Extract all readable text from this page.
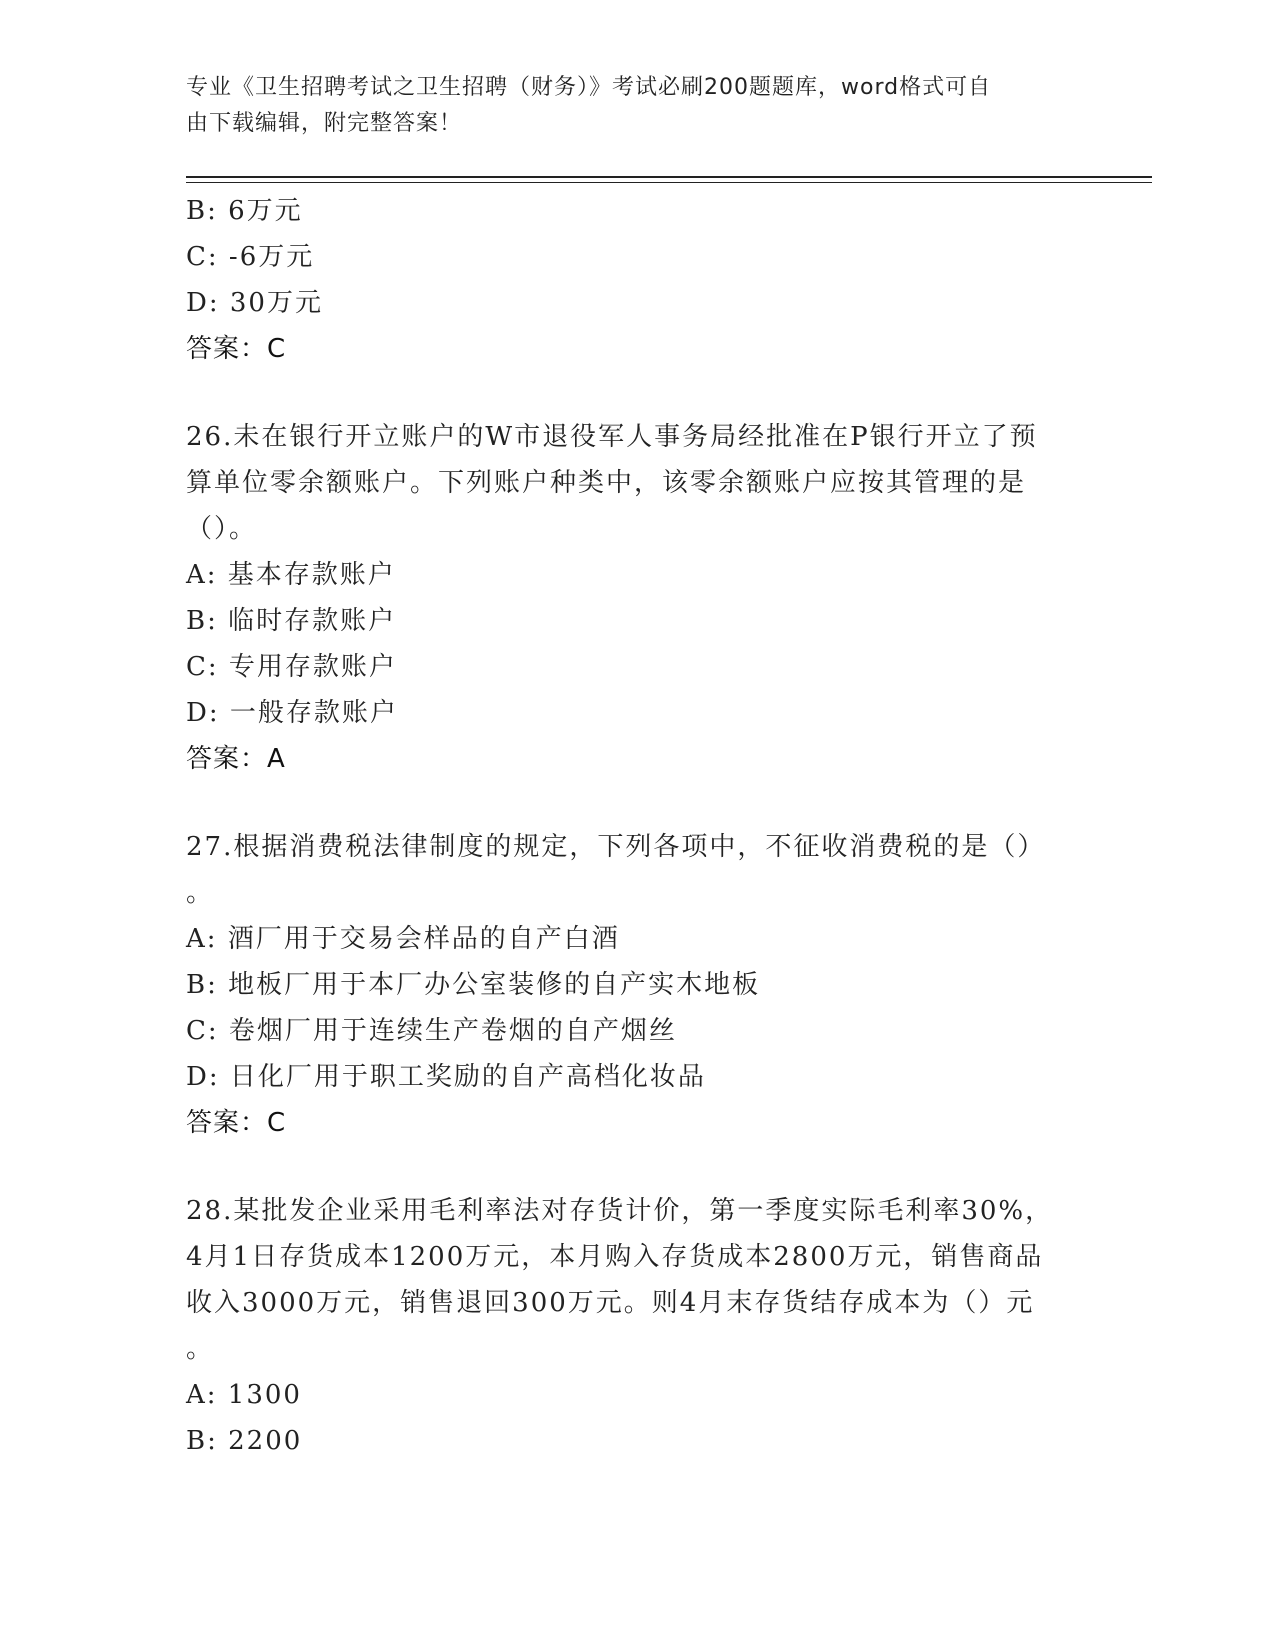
专业《卫生招聘考试之卫生招聘（财务）》考试必刷200题题库，word格式可自
由下载编辑，附完整答案！
B: 6万元
C: -6万元
D: 30万元
答案：C
26.未在银行开立账户的W市退役军人事务局经批准在P银行开立了预
算单位零余额账户。下列账户种类中，该零余额账户应按其管理的是
（）。
A: 基本存款账户
B: 临时存款账户
C: 专用存款账户
D: 一般存款账户
答案：A
27.根据消费税法律制度的规定，下列各项中，不征收消费税的是（）
。
A: 酒厂用于交易会样品的自产白酒
B: 地板厂用于本厂办公室装修的自产实木地板
C: 卷烟厂用于连续生产卷烟的自产烟丝
D: 日化厂用于职工奖励的自产高档化妆品
答案：C
28.某批发企业采用毛利率法对存货计价，第一季度实际毛利率30%，
4月1日存货成本1200万元，本月购入存货成本2800万元，销售商品
收入3000万元，销售退回300万元。则4月末存货结存成本为（）元
。
A: 1300
B: 2200
